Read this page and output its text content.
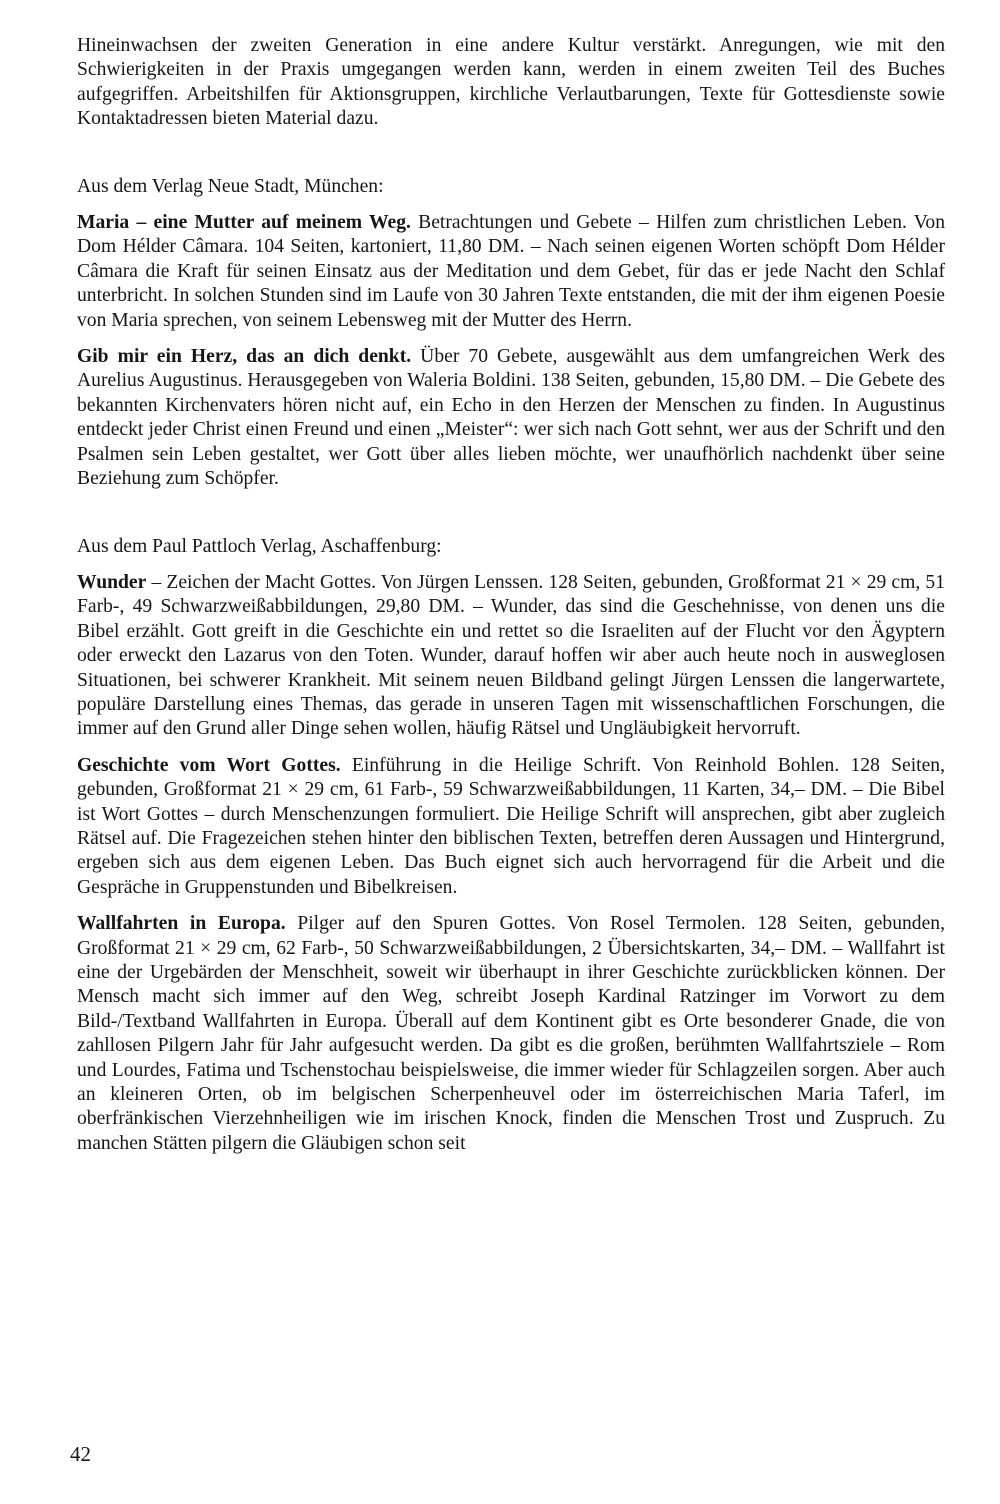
Hineinwachsen der zweiten Generation in eine andere Kultur verstärkt. Anregungen, wie mit den Schwierigkeiten in der Praxis umgegangen werden kann, werden in einem zweiten Teil des Buches aufgegriffen. Arbeitshilfen für Aktionsgruppen, kirchliche Verlautbarungen, Texte für Gottesdienste sowie Kontaktadressen bieten Material dazu.

Aus dem Verlag Neue Stadt, München:

Maria – eine Mutter auf meinem Weg. Betrachtungen und Gebete – Hilfen zum christlichen Leben. Von Dom Hélder Câmara. 104 Seiten, kartoniert, 11,80 DM. – Nach seinen eigenen Worten schöpft Dom Hélder Câmara die Kraft für seinen Einsatz aus der Meditation und dem Gebet, für das er jede Nacht den Schlaf unterbricht. In solchen Stunden sind im Laufe von 30 Jahren Texte entstanden, die mit der ihm eigenen Poesie von Maria sprechen, von seinem Lebensweg mit der Mutter des Herrn.

Gib mir ein Herz, das an dich denkt. Über 70 Gebete, ausgewählt aus dem umfangreichen Werk des Aurelius Augustinus. Herausgegeben von Waleria Boldini. 138 Seiten, gebunden, 15,80 DM. – Die Gebete des bekannten Kirchenvaters hören nicht auf, ein Echo in den Herzen der Menschen zu finden. In Augustinus entdeckt jeder Christ einen Freund und einen „Meister“: wer sich nach Gott sehnt, wer aus der Schrift und den Psalmen sein Leben gestaltet, wer Gott über alles lieben möchte, wer unaufhörlich nachdenkt über seine Beziehung zum Schöpfer.

Aus dem Paul Pattloch Verlag, Aschaffenburg:

Wunder – Zeichen der Macht Gottes. Von Jürgen Lenssen. 128 Seiten, gebunden, Großformat 21 × 29 cm, 51 Farb-, 49 Schwarzweißabbildungen, 29,80 DM. – Wunder, das sind die Geschehnisse, von denen uns die Bibel erzählt. Gott greift in die Geschichte ein und rettet so die Israeliten auf der Flucht vor den Ägyptern oder erweckt den Lazarus von den Toten. Wunder, darauf hoffen wir aber auch heute noch in ausweglosen Situationen, bei schwerer Krankheit. Mit seinem neuen Bildband gelingt Jürgen Lenssen die langerwartete, populäre Darstellung eines Themas, das gerade in unseren Tagen mit wissenschaftlichen Forschungen, die immer auf den Grund aller Dinge sehen wollen, häufig Rätsel und Ungläubigkeit hervorruft.

Geschichte vom Wort Gottes. Einführung in die Heilige Schrift. Von Reinhold Bohlen. 128 Seiten, gebunden, Großformat 21 × 29 cm, 61 Farb-, 59 Schwarzweißabbildungen, 11 Karten, 34,– DM. – Die Bibel ist Wort Gottes – durch Menschenzungen formuliert. Die Heilige Schrift will ansprechen, gibt aber zugleich Rätsel auf. Die Fragezeichen stehen hinter den biblischen Texten, betreffen deren Aussagen und Hintergrund, ergeben sich aus dem eigenen Leben. Das Buch eignet sich auch hervorragend für die Arbeit und die Gespräche in Gruppenstunden und Bibelkreisen.

Wallfahrten in Europa. Pilger auf den Spuren Gottes. Von Rosel Termolen. 128 Seiten, gebunden, Großformat 21 × 29 cm, 62 Farb-, 50 Schwarzweißabbildungen, 2 Übersichtskarten, 34,– DM. – Wallfahrt ist eine der Urgebärden der Menschheit, soweit wir überhaupt in ihrer Geschichte zurückblicken können. Der Mensch macht sich immer auf den Weg, schreibt Joseph Kardinal Ratzinger im Vorwort zu dem Bild-/Textband Wallfahrten in Europa. Überall auf dem Kontinent gibt es Orte besonderer Gnade, die von zahllosen Pilgern Jahr für Jahr aufgesucht werden. Da gibt es die großen, berühmten Wallfahrtsziele – Rom und Lourdes, Fatima und Tschenstochau beispielsweise, die immer wieder für Schlagzeilen sorgen. Aber auch an kleineren Orten, ob im belgischen Scherpenheuvel oder im österreichischen Maria Taferl, im oberfränkischen Vierzehnheiligen wie im irischen Knock, finden die Menschen Trost und Zuspruch. Zu manchen Stätten pilgern die Gläubigen schon seit

42
